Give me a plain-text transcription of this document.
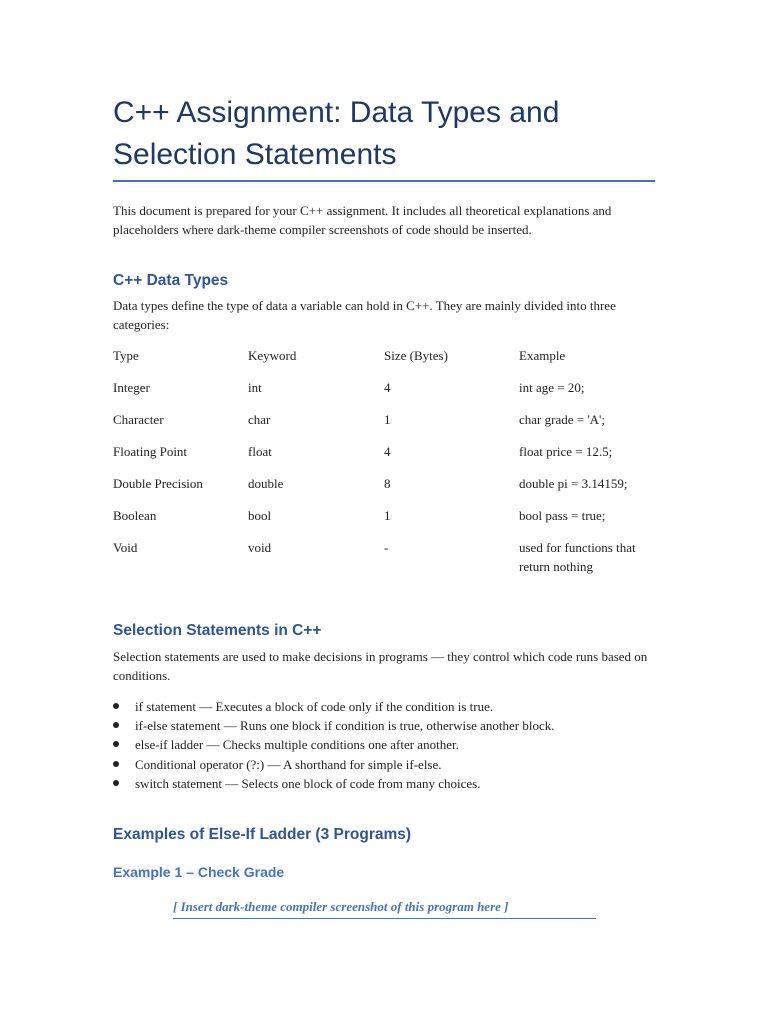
C++ Assignment: Data Types and
Selection Statements

This document is prepared for your C++ assignment. It includes all theoretical explanations and placeholders where dark-theme compiler screenshots of code should be inserted.

C++ Data Types

Data types define the type of data a variable can hold in C++. They are mainly divided into three categories:

Type	Keyword	Size (Bytes)	Example
Integer	int	4	int age = 20;
Character	char	1	char grade = 'A';
Floating Point	float	4	float price = 12.5;
Double Precision	double	8	double pi = 3.14159;
Boolean	bool	1	bool pass = true;
Void	void	-	used for functions that return nothing
Selection Statements in C++

Selection statements are used to make decisions in programs — they control which code runs based on conditions.

if statement — Executes a block of code only if the condition is true.
if-else statement — Runs one block if condition is true, otherwise another block.
else-if ladder — Checks multiple conditions one after another.
Conditional operator (?:) — A shorthand for simple if-else.
switch statement — Selects one block of code from many choices.
Examples of Else-If Ladder (3 Programs)
Example 1 – Check Grade
[ Insert dark-theme compiler screenshot of this program here ]
